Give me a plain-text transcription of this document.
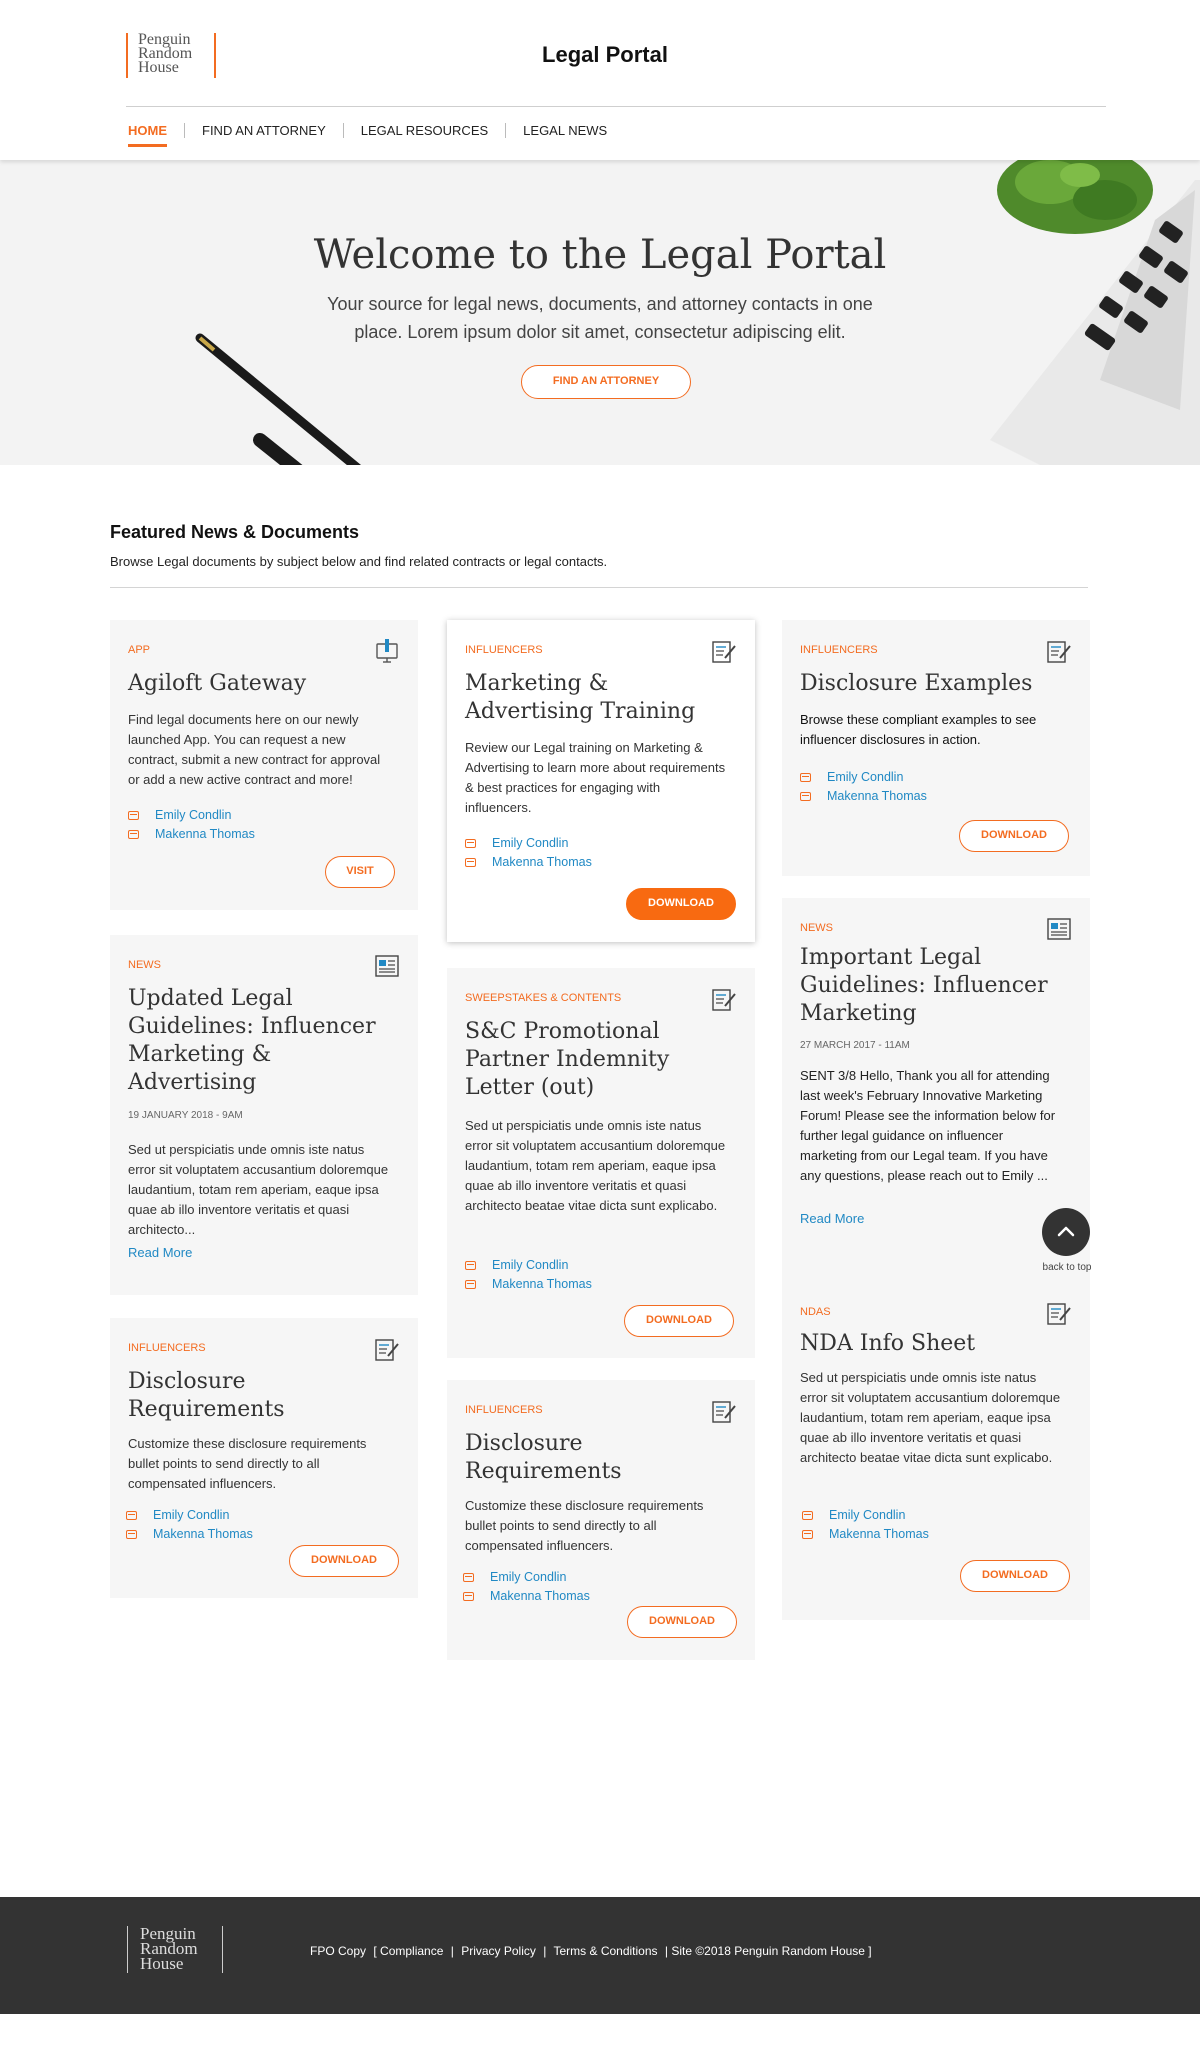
Penguin
Random
House
Legal Portal
HOME	FIND AN ATTORNEY	LEGAL RESOURCES	LEGAL NEWS
Welcome to the Legal Portal
Your source for legal news, documents, and attorney contacts in one place. Lorem ipsum dolor sit amet, consectetur adipiscing elit.
FIND AN ATTORNEY
Featured News & Documents
Browse Legal documents by subject below and find related contracts or legal contacts.
APP
Agiloft Gateway
Find legal documents here on our newly launched App. You can request a new contract, submit a new contract for approval or add a new active contract and more!
Emily Condlin
Makenna Thomas
VISIT
INFLUENCERS
Marketing & Advertising Training
Review our Legal training on Marketing & Advertising to learn more about requirements & best practices for engaging with influencers.
Emily Condlin
Makenna Thomas
DOWNLOAD
INFLUENCERS
Disclosure Examples
Browse these compliant examples to see influencer disclosures in action.
Emily Condlin
Makenna Thomas
DOWNLOAD
NEWS
Updated Legal Guidelines: Influencer Marketing & Advertising
19 JANUARY 2018 - 9AM
Sed ut perspiciatis unde omnis iste natus error sit voluptatem accusantium doloremque laudantium, totam rem aperiam, eaque ipsa quae ab illo inventore veritatis et quasi architecto...
Read More
SWEEPSTAKES & CONTENTS
S&C Promotional Partner Indemnity Letter (out)
Sed ut perspiciatis unde omnis iste natus error sit voluptatem accusantium doloremque laudantium, totam rem aperiam, eaque ipsa quae ab illo inventore veritatis et quasi architecto beatae vitae dicta sunt explicabo.
Emily Condlin
Makenna Thomas
DOWNLOAD
NEWS
Important Legal Guidelines: Influencer Marketing
27 MARCH 2017 - 11AM
SENT 3/8 Hello, Thank you all for attending last week's February Innovative Marketing Forum! Please see the information below for further legal guidance on influencer marketing from our Legal team. If you have any questions, please reach out to Emily ...
Read More
INFLUENCERS
Disclosure Requirements
Customize these disclosure requirements bullet points to send directly to all compensated influencers.
Emily Condlin
Makenna Thomas
DOWNLOAD
INFLUENCERS
Disclosure Requirements
Customize these disclosure requirements bullet points to send directly to all compensated influencers.
Emily Condlin
Makenna Thomas
DOWNLOAD
NDAS
NDA Info Sheet
Sed ut perspiciatis unde omnis iste natus error sit voluptatem accusantium doloremque laudantium, totam rem aperiam, eaque ipsa quae ab illo inventore veritatis et quasi architecto beatae vitae dicta sunt explicabo.
Emily Condlin
Makenna Thomas
DOWNLOAD
back to top
Penguin
Random
House
FPO Copy [ Compliance | Privacy Policy | Terms & Conditions | Site ©2018 Penguin Random House ]
